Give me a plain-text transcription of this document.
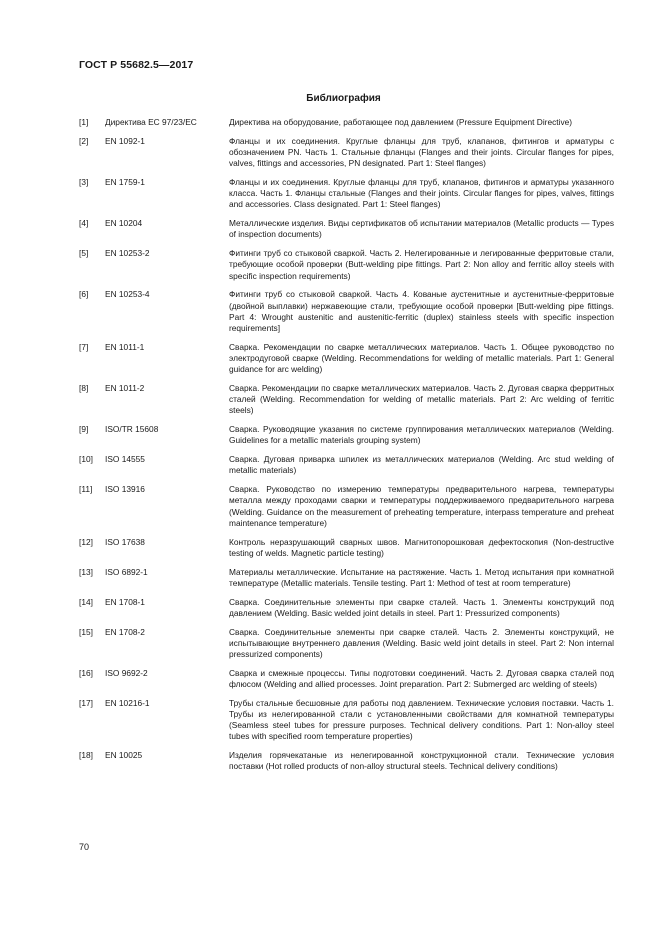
ГОСТ Р 55682.5—2017
Библиография
[1]	Директива ЕС 97/23/ЕС	Директива на оборудование, работающее под давлением (Pressure Equipment Directive)
[2]	EN 1092-1	Фланцы и их соединения. Круглые фланцы для труб, клапанов, фитингов и арматуры с обозначением PN. Часть 1. Стальные фланцы (Flanges and their joints. Circular flanges for pipes, valves, fittings and accessories, PN designated. Part 1: Steel flanges)
[3]	EN 1759-1	Фланцы и их соединения. Круглые фланцы для труб, клапанов, фитингов и арматуры указанного класса. Часть 1. Фланцы стальные (Flanges and their joints. Circular flanges for pipes, valves, fittings and accessories. Class designated. Part 1: Steel flanges)
[4]	EN 10204	Металлические изделия. Виды сертификатов об испытании материалов (Metallic products — Types of inspection documents)
[5]	EN 10253-2	Фитинги труб со стыковой сваркой. Часть 2. Нелегированные и легированные ферритовые стали, требующие особой проверки (Butt-welding pipe fittings. Part 2: Non alloy and ferritic alloy steels with specific inspection requirements)
[6]	EN 10253-4	Фитинги труб со стыковой сваркой. Часть 4. Кованые аустенитные и аустенитные-ферритовые (двойной выплавки) нержавеющие стали, требующие особой проверки [Butt-welding pipe fittings. Part 4: Wrought austenitic and austenitic-ferritic (duplex) stainless steels with specific inspection requirements]
[7]	EN 1011-1	Сварка. Рекомендации по сварке металлических материалов. Часть 1. Общее руководство по электродуговой сварке (Welding. Recommendations for welding of metallic materials. Part 1: General guidance for arc welding)
[8]	EN 1011-2	Сварка. Рекомендации по сварке металлических материалов. Часть 2. Дуговая сварка ферритных сталей (Welding. Recommendation for welding of metallic materials. Part 2: Arc welding of ferritic steels)
[9]	ISO/TR 15608	Сварка. Руководящие указания по системе группирования металлических материалов (Welding. Guidelines for a metallic materials grouping system)
[10]	ISO 14555	Сварка. Дуговая приварка шпилек из металлических материалов (Welding. Arc stud welding of metallic materials)
[11]	ISO 13916	Сварка. Руководство по измерению температуры предварительного нагрева, температуры металла между проходами сварки и температуры поддерживаемого предварительного нагрева (Welding. Guidance on the measurement of preheating temperature, interpass temperature and preheat maintenance temperature)
[12]	ISO 17638	Контроль неразрушающий сварных швов. Магнитопорошковая дефектоскопия (Non-destructive testing of welds. Magnetic particle testing)
[13]	ISO 6892-1	Материалы металлические. Испытание на растяжение. Часть 1. Метод испытания при комнатной температуре (Metallic materials. Tensile testing. Part 1: Method of test at room temperature)
[14]	EN 1708-1	Сварка. Соединительные элементы при сварке сталей. Часть 1. Элементы конструкций под давлением (Welding. Basic welded joint details in steel. Part 1: Pressurized components)
[15]	EN 1708-2	Сварка. Соединительные элементы при сварке сталей. Часть 2. Элементы конструкций, не испытывающие внутреннего давления (Welding. Basic weld joint details in steel. Part 2: Non internal pressurized components)
[16]	ISO 9692-2	Сварка и смежные процессы. Типы подготовки соединений. Часть 2. Дуговая сварка сталей под флюсом (Welding and allied processes. Joint preparation. Part 2: Submerged arc welding of steels)
[17]	EN 10216-1	Трубы стальные бесшовные для работы под давлением. Технические условия поставки. Часть 1. Трубы из нелегированной стали с установленными свойствами для комнатной температуры (Seamless steel tubes for pressure purposes. Technical delivery conditions. Part 1: Non-alloy steel tubes with specified room temperature properties)
[18]	EN 10025	Изделия горячекатаные из нелегированной конструкционной стали. Технические условия поставки (Hot rolled products of non-alloy structural steels. Technical delivery conditions)
70
